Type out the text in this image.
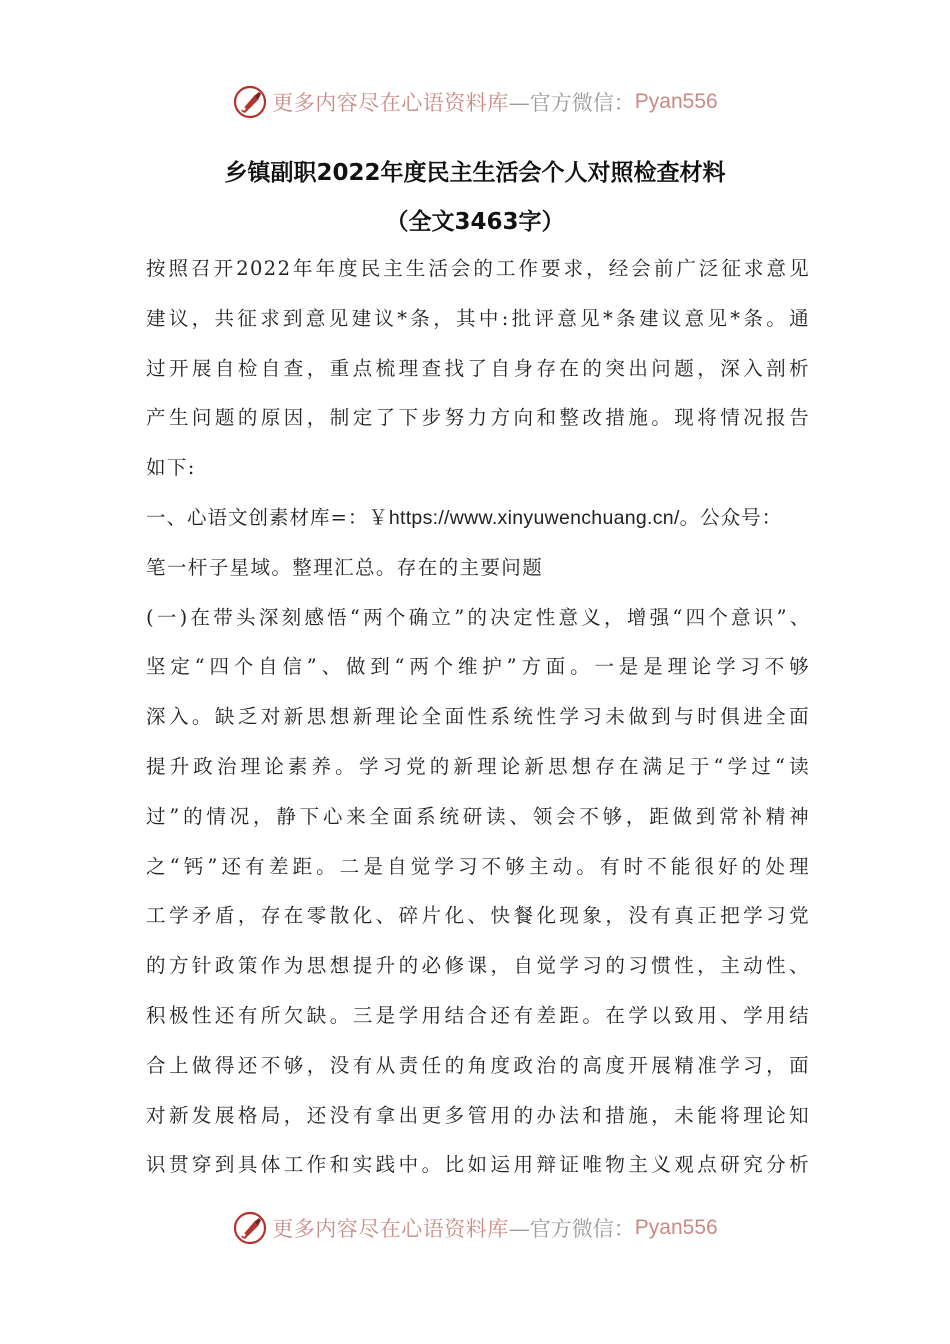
更多内容尽在心语资料库 —官方微信： Pyan556
乡镇副职2022年度民主生活会个人对照检查材料
（全文3463字）
按照召开2022年年度民主生活会的工作要求，经会前广泛征求意见
建议，共征求到意见建议*条，其中:批评意见*条建议意见*条。通
过开展自检自查，重点梳理查找了自身存在的突出问题，深入剖析
产生问题的原因，制定了下步努力方向和整改措施。现将情况报告
如下:
一、心语文创素材库=：￥https://www.xinyuwenchuang.cn/。公众号：
笔一杆子星域。整理汇总。存在的主要问题
(一)在带头深刻感悟“两个确立”的决定性意义，增强“四个意识”、
坚定“四个自信”、做到“两个维护”方面。一是是理论学习不够
深入。缺乏对新思想新理论全面性系统性学习未做到与时俱进全面
提升政治理论素养。学习党的新理论新思想存在满足于“学过“读
过”的情况，静下心来全面系统研读、领会不够，距做到常补精神
之“钙”还有差距。二是自觉学习不够主动。有时不能很好的处理
工学矛盾，存在零散化、碎片化、快餐化现象，没有真正把学习党
的方针政策作为思想提升的必修课，自觉学习的习惯性，主动性、
积极性还有所欠缺。三是学用结合还有差距。在学以致用、学用结
合上做得还不够，没有从责任的角度政治的高度开展精准学习，面
对新发展格局，还没有拿出更多管用的办法和措施，未能将理论知
识贯穿到具体工作和实践中。比如运用辩证唯物主义观点研究分析
更多内容尽在心语资料库 —官方微信： Pyan556
